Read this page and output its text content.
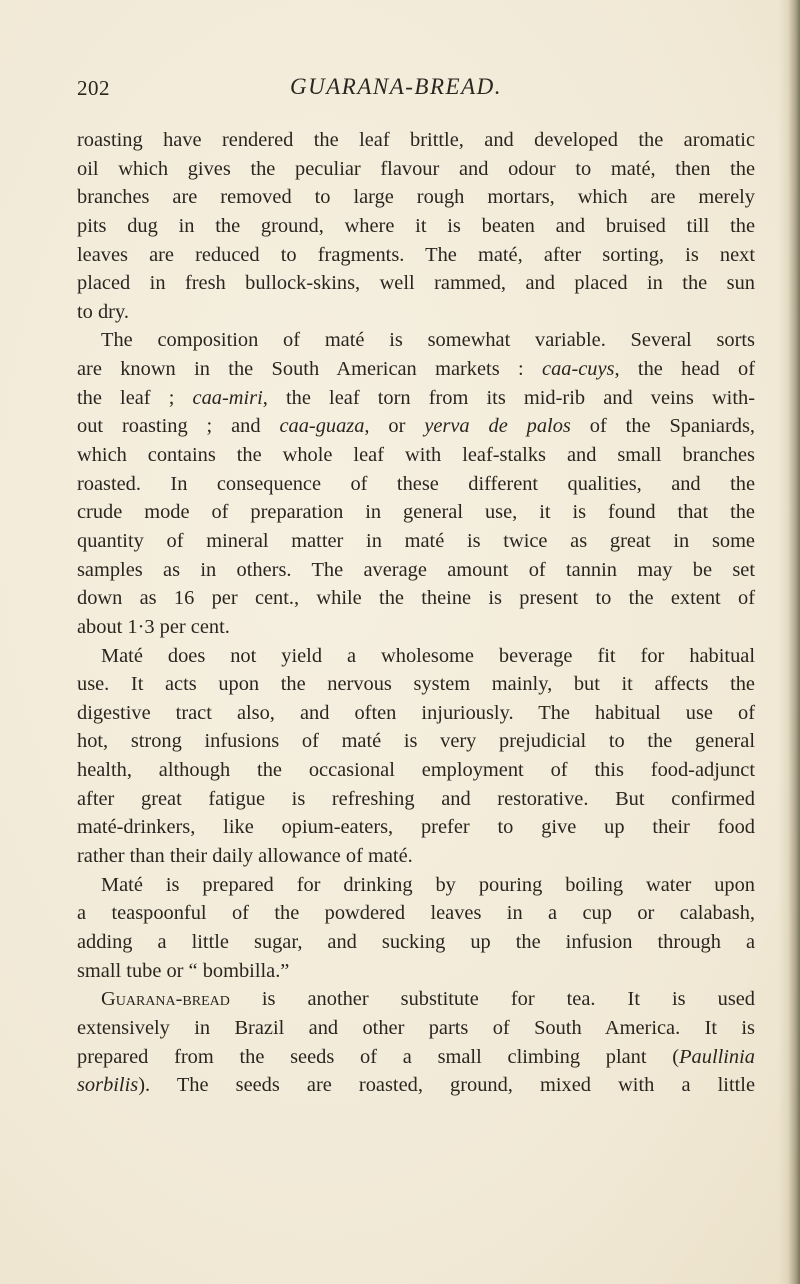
202	GUARANA-BREAD.
roasting have rendered the leaf brittle, and developed the aromatic
oil which gives the peculiar flavour and odour to maté, then the
branches are removed to large rough mortars, which are merely
pits dug in the ground, where it is beaten and bruised till the
leaves are reduced to fragments. The maté, after sorting, is next
placed in fresh bullock-skins, well rammed, and placed in the sun
to dry.
The composition of maté is somewhat variable. Several sorts
are known in the South American markets : caa-cuys, the head of
the leaf ; caa-miri, the leaf torn from its mid-rib and veins with-
out roasting ; and caa-guaza, or yerva de palos of the Spaniards,
which contains the whole leaf with leaf-stalks and small branches
roasted. In consequence of these different qualities, and the
crude mode of preparation in general use, it is found that the
quantity of mineral matter in maté is twice as great in some
samples as in others. The average amount of tannin may be set
down as 16 per cent., while the theine is present to the extent of
about 1·3 per cent.
Maté does not yield a wholesome beverage fit for habitual
use. It acts upon the nervous system mainly, but it affects the
digestive tract also, and often injuriously. The habitual use of
hot, strong infusions of maté is very prejudicial to the general
health, although the occasional employment of this food-adjunct
after great fatigue is refreshing and restorative. But confirmed
maté-drinkers, like opium-eaters, prefer to give up their food
rather than their daily allowance of maté.
Maté is prepared for drinking by pouring boiling water upon
a teaspoonful of the powdered leaves in a cup or calabash,
adding a little sugar, and sucking up the infusion through a
small tube or “ bombilla.”
Guarana-bread is another substitute for tea. It is used
extensively in Brazil and other parts of South America. It is
prepared from the seeds of a small climbing plant (Paullinia
sorbilis). The seeds are roasted, ground, mixed with a little
